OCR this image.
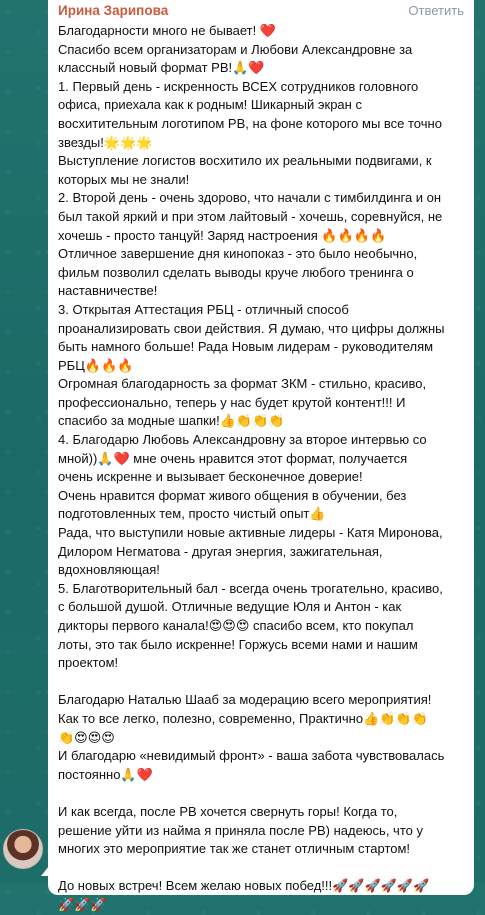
Ирина Зарипова	Ответить
Благодарности много не бывает! ❤️
Спасибо всем организаторам и Любови Александровне за
классный новый формат РВ!🙏❤️
1. Первый день - искренность ВСЕХ сотрудников головного
офиса, приехала как к родным! Шикарный экран с
восхитительным логотипом РВ, на фоне которого мы все точно
звезды!🌟🌟🌟
Выступление логистов восхитило их реальными подвигами, к
которых мы не знали!
2. Второй день - очень здорово, что начали с тимбилдинга и он
был такой яркий и при этом лайтовый - хочешь, соревнуйся, не
хочешь - просто танцуй! Заряд настроения 🔥🔥🔥🔥
Отличное завершение дня кинопоказ - это было необычно,
фильм позволил сделать выводы круче любого тренинга о
наставничестве!
3. Открытая Аттестация РБЦ - отличный способ
проанализировать свои действия. Я думаю, что цифры должны
быть намного больше! Рада Новым лидерам - руководителям
РБЦ🔥🔥🔥
Огромная благодарность за формат ЗКМ - стильно, красиво,
профессионально, теперь у нас будет крутой контент!!! И
спасибо за модные шапки!👍👏👏👏
4. Благодарю Любовь Александровну за второе интервью со
мной))🙏❤️ мне очень нравится этот формат, получается
очень искренне и вызывает бесконечное доверие!
Очень нравится формат живого общения в обучении, без
подготовленных тем, просто чистый опыт👍
Рада, что выступили новые активные лидеры - Катя Миронова,
Дилором Негматова - другая энергия, зажигательная,
вдохновляющая!
5. Благотворительный бал - всегда очень трогательно, красиво,
с большой душой. Отличные ведущие Юля и Антон - как
дикторы первого канала!😍😍😍 спасибо всем, кто покупал
лоты, это так было искренне! Горжусь всеми нами и нашим
проектом!
Благодарю Наталью Шааб за модерацию всего мероприятия!
Как то все легко, полезно, современно, Практично👍👏👏👏
👏😍😍😍
И благодарю «невидимый фронт» - ваша забота чувствовалась
постоянно🙏❤️
И как всегда, после РВ хочется свернуть горы! Когда то,
решение уйти из найма я приняла после РВ) надеюсь, что у
многих это мероприятие так же станет отличным стартом!
До новых встреч! Всем желаю новых побед!!!🚀🚀🚀🚀🚀🚀
🚀🚀🚀
